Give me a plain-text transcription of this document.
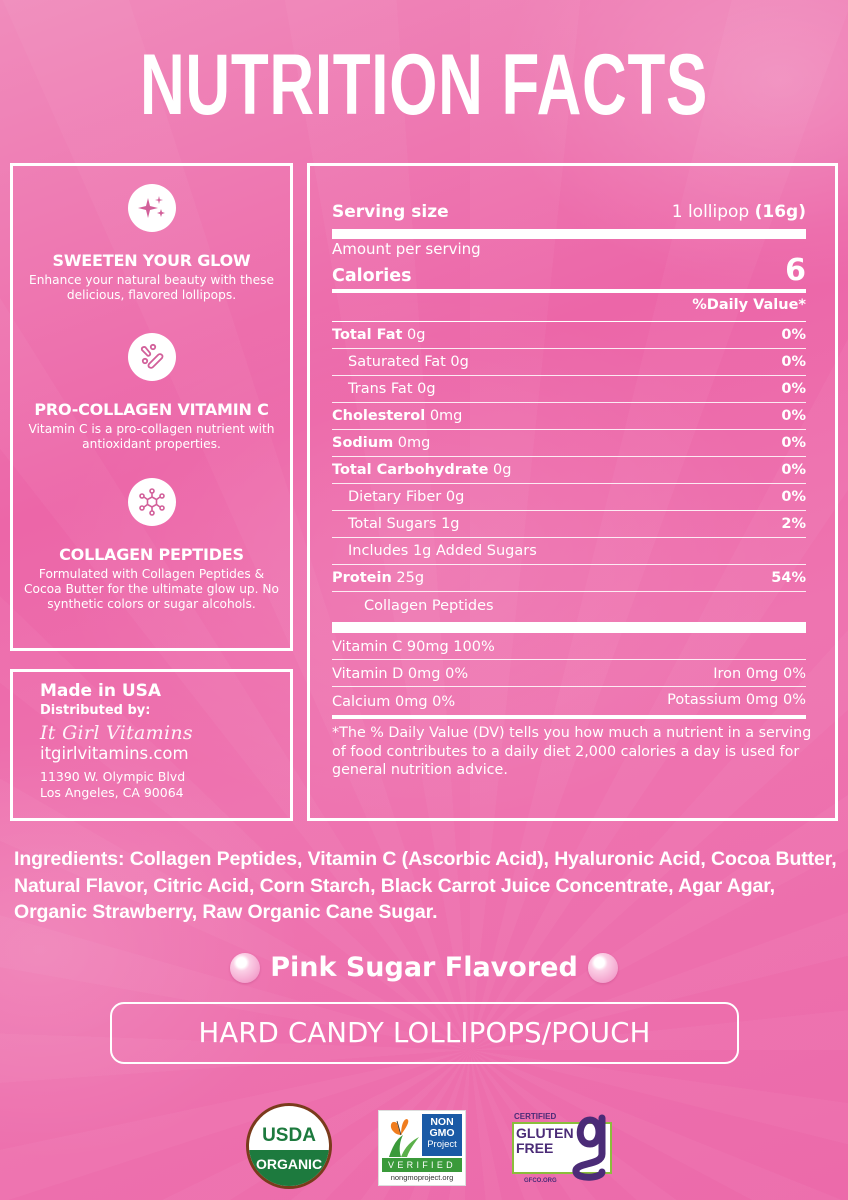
NUTRITION FACTS
SWEETEN YOUR GLOW
Enhance your natural beauty with these delicious, flavored lollipops.
PRO-COLLAGEN VITAMIN C
Vitamin C is a pro-collagen nutrient with antioxidant properties.
COLLAGEN PEPTIDES
Formulated with Collagen Peptides & Cocoa Butter for the ultimate glow up. No synthetic colors or sugar alcohols.
Made in USA
Distributed by:
It Girl Vitamins
itgirlvitamins.com
11390 W. Olympic Blvd
Los Angeles, CA 90064
Serving size	1 lollipop (16g)
Amount per serving
Calories	6
%Daily Value*
Total Fat 0g	0%
Saturated Fat 0g	0%
Trans Fat 0g	0%
Cholesterol 0mg	0%
Sodium 0mg	0%
Total Carbohydrate 0g	0%
Dietary Fiber 0g	0%
Total Sugars 1g	2%
Includes 1g Added Sugars
Protein 25g	54%
Collagen Peptides
Vitamin C 90mg 100%
Vitamin D 0mg 0%	Iron 0mg 0%
Calcium 0mg 0%	Potassium 0mg 0%
*The % Daily Value (DV) tells you how much a nutrient in a serving of food contributes to a daily diet 2,000 calories a day is used for general nutrition advice.
Ingredients: Collagen Peptides, Vitamin C (Ascorbic Acid), Hyaluronic Acid, Cocoa Butter, Natural Flavor, Citric Acid, Corn Starch, Black Carrot Juice Concentrate, Agar Agar, Organic Strawberry, Raw Organic Cane Sugar.
Pink Sugar Flavored
HARD CANDY LOLLIPOPS/POUCH
USDA
ORGANIC
NON
GMO
Project
VERIFIED
nongmoproject.org
CERTIFIED
GLUTEN
FREE
GFCO.ORG
